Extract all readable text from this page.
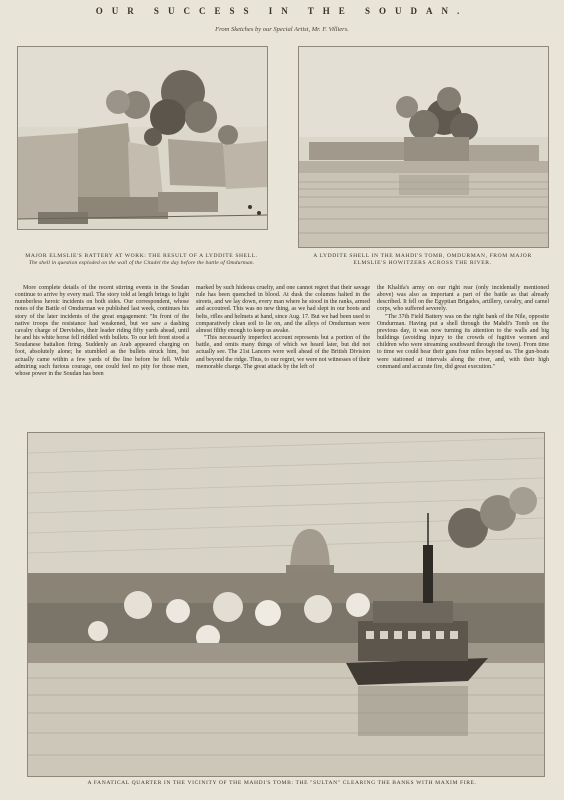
OUR SUCCESS IN THE SOUDAN.
From Sketches by our Special Artist, Mr. F. Villiers.
MAJOR ELMSLIE'S BATTERY AT WORK: THE RESULT OF A LYDDITE SHELL.
The shell in question exploded on the wall of the Citadel the day before the battle of Omdurman.
A LYDDITE SHELL IN THE MAHDI'S TOMB, OMDURMAN, FROM MAJOR ELMSLIE'S HOWITZERS ACROSS THE RIVER.

More complete details of the recent stirring events in the Soudan continue to arrive by every mail. The story told at length brings to light numberless heroic incidents on both sides. Our correspondent, whose notes of the Battle of Omdurman we published last week, continues his story of the later incidents of the great engagement: "In front of the native troops the resistance had weakened, but we saw a dashing cavalry charge of Dervishes, their leader riding fifty yards ahead, until he and his white horse fell riddled with bullets. To our left front stood a Soudanese battalion firing. Suddenly an Arab appeared charging on foot, absolutely alone; he stumbled as the bullets struck him, but actually came within a few yards of the line before he fell. While admiring such furious courage, one could feel no pity for those men, whose power in the Soudan has been

marked by such hideous cruelty, and one cannot regret that their savage rule has been quenched in blood. At dusk the columns halted in the streets, and we lay down, every man where he stood in the ranks, armed and accoutred. This was no new thing, as we had slept in our boots and belts, rifles and helmets at hand, since Aug. 17. But we had been used to comparatively clean soil to lie on, and the alleys of Omdurman were almost filthy enough to keep us awake.

"This necessarily imperfect account represents but a portion of the battle, and omits many things of which we heard later, but did not actually see. The 21st Lancers were well ahead of the British Division and beyond the ridge. Thus, to our regret, we were not witnesses of their memorable charge. The great attack by the left of

the Khalifa's army on our right rear (only incidentally mentioned above) was also as important a part of the battle as that already described. It fell on the Egyptian Brigades, artillery, cavalry, and camel corps, who suffered severely.

"The 37th Field Battery was on the right bank of the Nile, opposite Omdurman. Having put a shell through the Mahdi's Tomb on the previous day, it was now turning its attention to the walls and big buildings (avoiding injury to the crowds of fugitive women and children who were streaming southward through the town). From time to time we could hear their guns four miles beyond us. The gun-boats were stationed at intervals along the river, and, with their high command and accurate fire, did great execution."

A FANATICAL QUARTER IN THE VICINITY OF THE MAHDI'S TOMB: THE "SULTAN" CLEARING THE BANKS WITH MAXIM FIRE.
